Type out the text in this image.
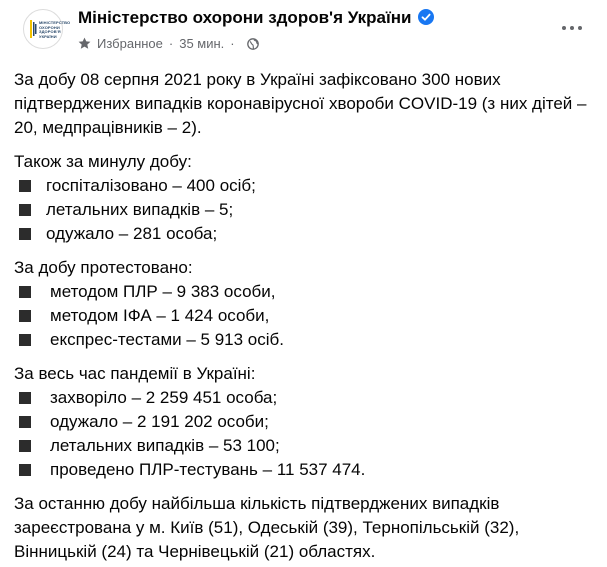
МІНІСТЕРСТВО
ОХОРОНИ
ЗДОРОВ'Я
УКРАЇНИ
Міністерство охорони здоров'я України
Избранное · 35 мин. ·

За добу 08 серпня 2021 року в Україні зафіксовано 300 нових підтверджених випадків коронавірусної хвороби COVID-19 (з них дітей – 20, медпрацівників – 2).

Також за минулу добу:

госпіталізовано – 400 осіб;
летальних випадків – 5;
одужало – 281 особа;

За добу протестовано:

методом ПЛР – 9 383 особи,
методом ІФА – 1 424 особи,
експрес-тестами – 5 913 осіб.

За весь час пандемії в Україні:

захворіло – 2 259 451 особа;
одужало – 2 191 202 особи;
летальних випадків – 53 100;
проведено ПЛР-тестувань – 11 537 474.

За останню добу найбільша кількість підтверджених випадків зареєстрована у м. Київ (51), Одеській (39), Тернопільській (32), Вінницькій (24) та Чернівецькій (21) областях.
